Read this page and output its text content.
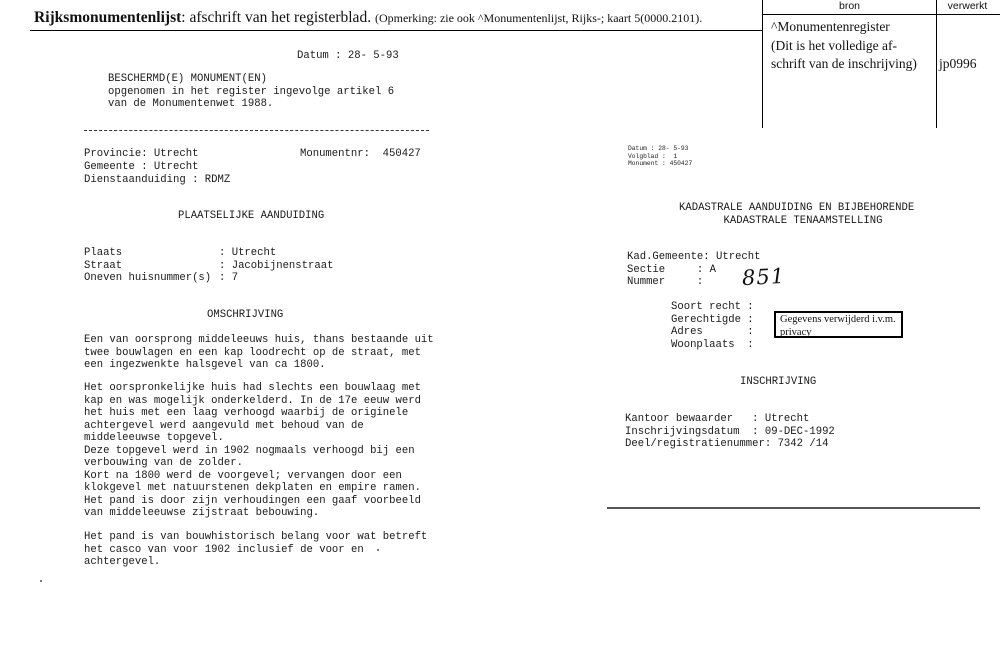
Rijksmonumentenlijst: afschrift van het registerblad. (Opmerking: zie ook ^Monumentenlijst, Rijks-; kaart 5(0000.2101).
bron
^Monumentenregister
(Dit is het volledige af-
schrift van de inschrijving)
verwerkt
jp0996
Datum : 28- 5-93
BESCHERMD(E) MONUMENT(EN)
opgenomen in het register ingevolge artikel 6
van de Monumentenwet 1988.
Provincie: Utrecht	Monumentnr:  450427
Gemeente : Utrecht
Dienstaanduiding : RDMZ
PLAATSELIJKE AANDUIDING
Plaats
Straat
Oneven huisnummer(s)
: Utrecht
: Jacobijnenstraat
: 7
OMSCHRIJVING
Een van oorsprong middeleeuws huis, thans bestaande uit
twee bouwlagen en een kap loodrecht op de straat, met
een ingezwenkte halsgevel van ca 1800.
Het oorspronkelijke huis had slechts een bouwlaag met
kap en was mogelijk onderkelderd. In de 17e eeuw werd
het huis met een laag verhoogd waarbij de originele
achtergevel werd aangevuld met behoud van de
middeleeuwse topgevel.
Deze topgevel werd in 1902 nogmaals verhoogd bij een
verbouwing van de zolder.
Kort na 1800 werd de voorgevel; vervangen door een
klokgevel met natuurstenen dekplaten en empire ramen.
Het pand is door zijn verhoudingen een gaaf voorbeeld
van middeleeuwse zijstraat bebouwing.
Het pand is van bouwhistorisch belang voor wat betreft
het casco van voor 1902 inclusief de voor en
achtergevel.
Datum : 28- 5-93
Volgblad :  1
Monument : 450427
KADASTRALE AANDUIDING EN BIJBEHORENDE
KADASTRALE TENAAMSTELLING
Kad.Gemeente: Utrecht
Sectie     : A
Nummer     :	851
Soort recht :
Gerechtigde :
Adres       :
Woonplaats  :
Gegevens verwijderd i.v.m. privacy
INSCHRIJVING
Kantoor bewaarder   : Utrecht
Inschrijvingsdatum  : 09-DEC-1992
Deel/registratienummer: 7342 /14
